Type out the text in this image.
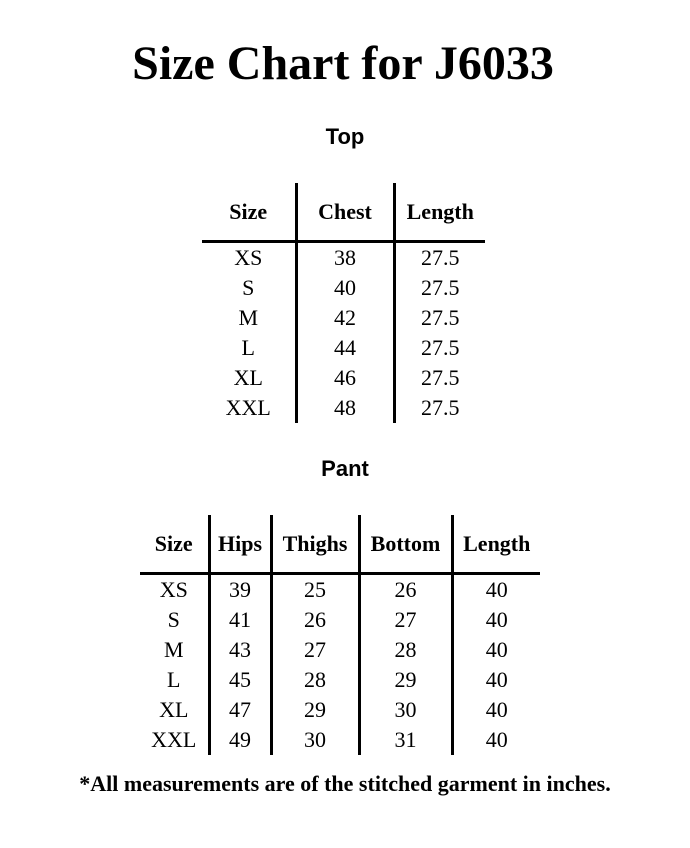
Size Chart for J6033
Top
Size	Chest	Length
XS	38	27.5
S	40	27.5
M	42	27.5
L	44	27.5
XL	46	27.5
XXL	48	27.5
Pant
Size	Hips	Thighs	Bottom	Length
XS	39	25	26	40
S	41	26	27	40
M	43	27	28	40
L	45	28	29	40
XL	47	29	30	40
XXL	49	30	31	40
*All measurements are of the stitched garment in inches.
